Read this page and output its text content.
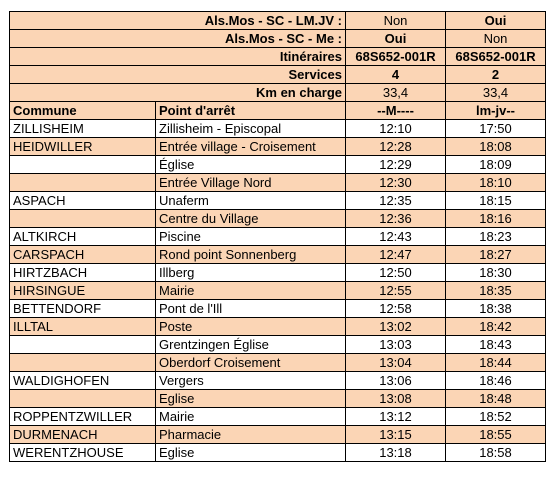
Als.Mos - SC - LM.JV :		Non	Oui
Als.Mos - SC - Me :		Oui	Non
Itinéraires		68S652-001R	68S652-001R
Services		4	2
Km en charge		33,4	33,4
Commune	Point d'arrêt	--M----	lm-jv--
ZILLISHEIM	Zillisheim - Episcopal	12:10	17:50
HEIDWILLER	Entrée village - Croisement	12:28	18:08
	Église	12:29	18:09
	Entrée Village Nord	12:30	18:10
ASPACH	Unaferm	12:35	18:15
	Centre du Village	12:36	18:16
ALTKIRCH	Piscine	12:43	18:23
CARSPACH	Rond point Sonnenberg	12:47	18:27
HIRTZBACH	Illberg	12:50	18:30
HIRSINGUE	Mairie	12:55	18:35
BETTENDORF	Pont de l'Ill	12:58	18:38
ILLTAL	Poste	13:02	18:42
	Grentzingen Église	13:03	18:43
	Oberdorf Croisement	13:04	18:44
WALDIGHOFEN	Vergers	13:06	18:46
	Eglise	13:08	18:48
ROPPENTZWILLER	Mairie	13:12	18:52
DURMENACH	Pharmacie	13:15	18:55
WERENTZHOUSE	Eglise	13:18	18:58
